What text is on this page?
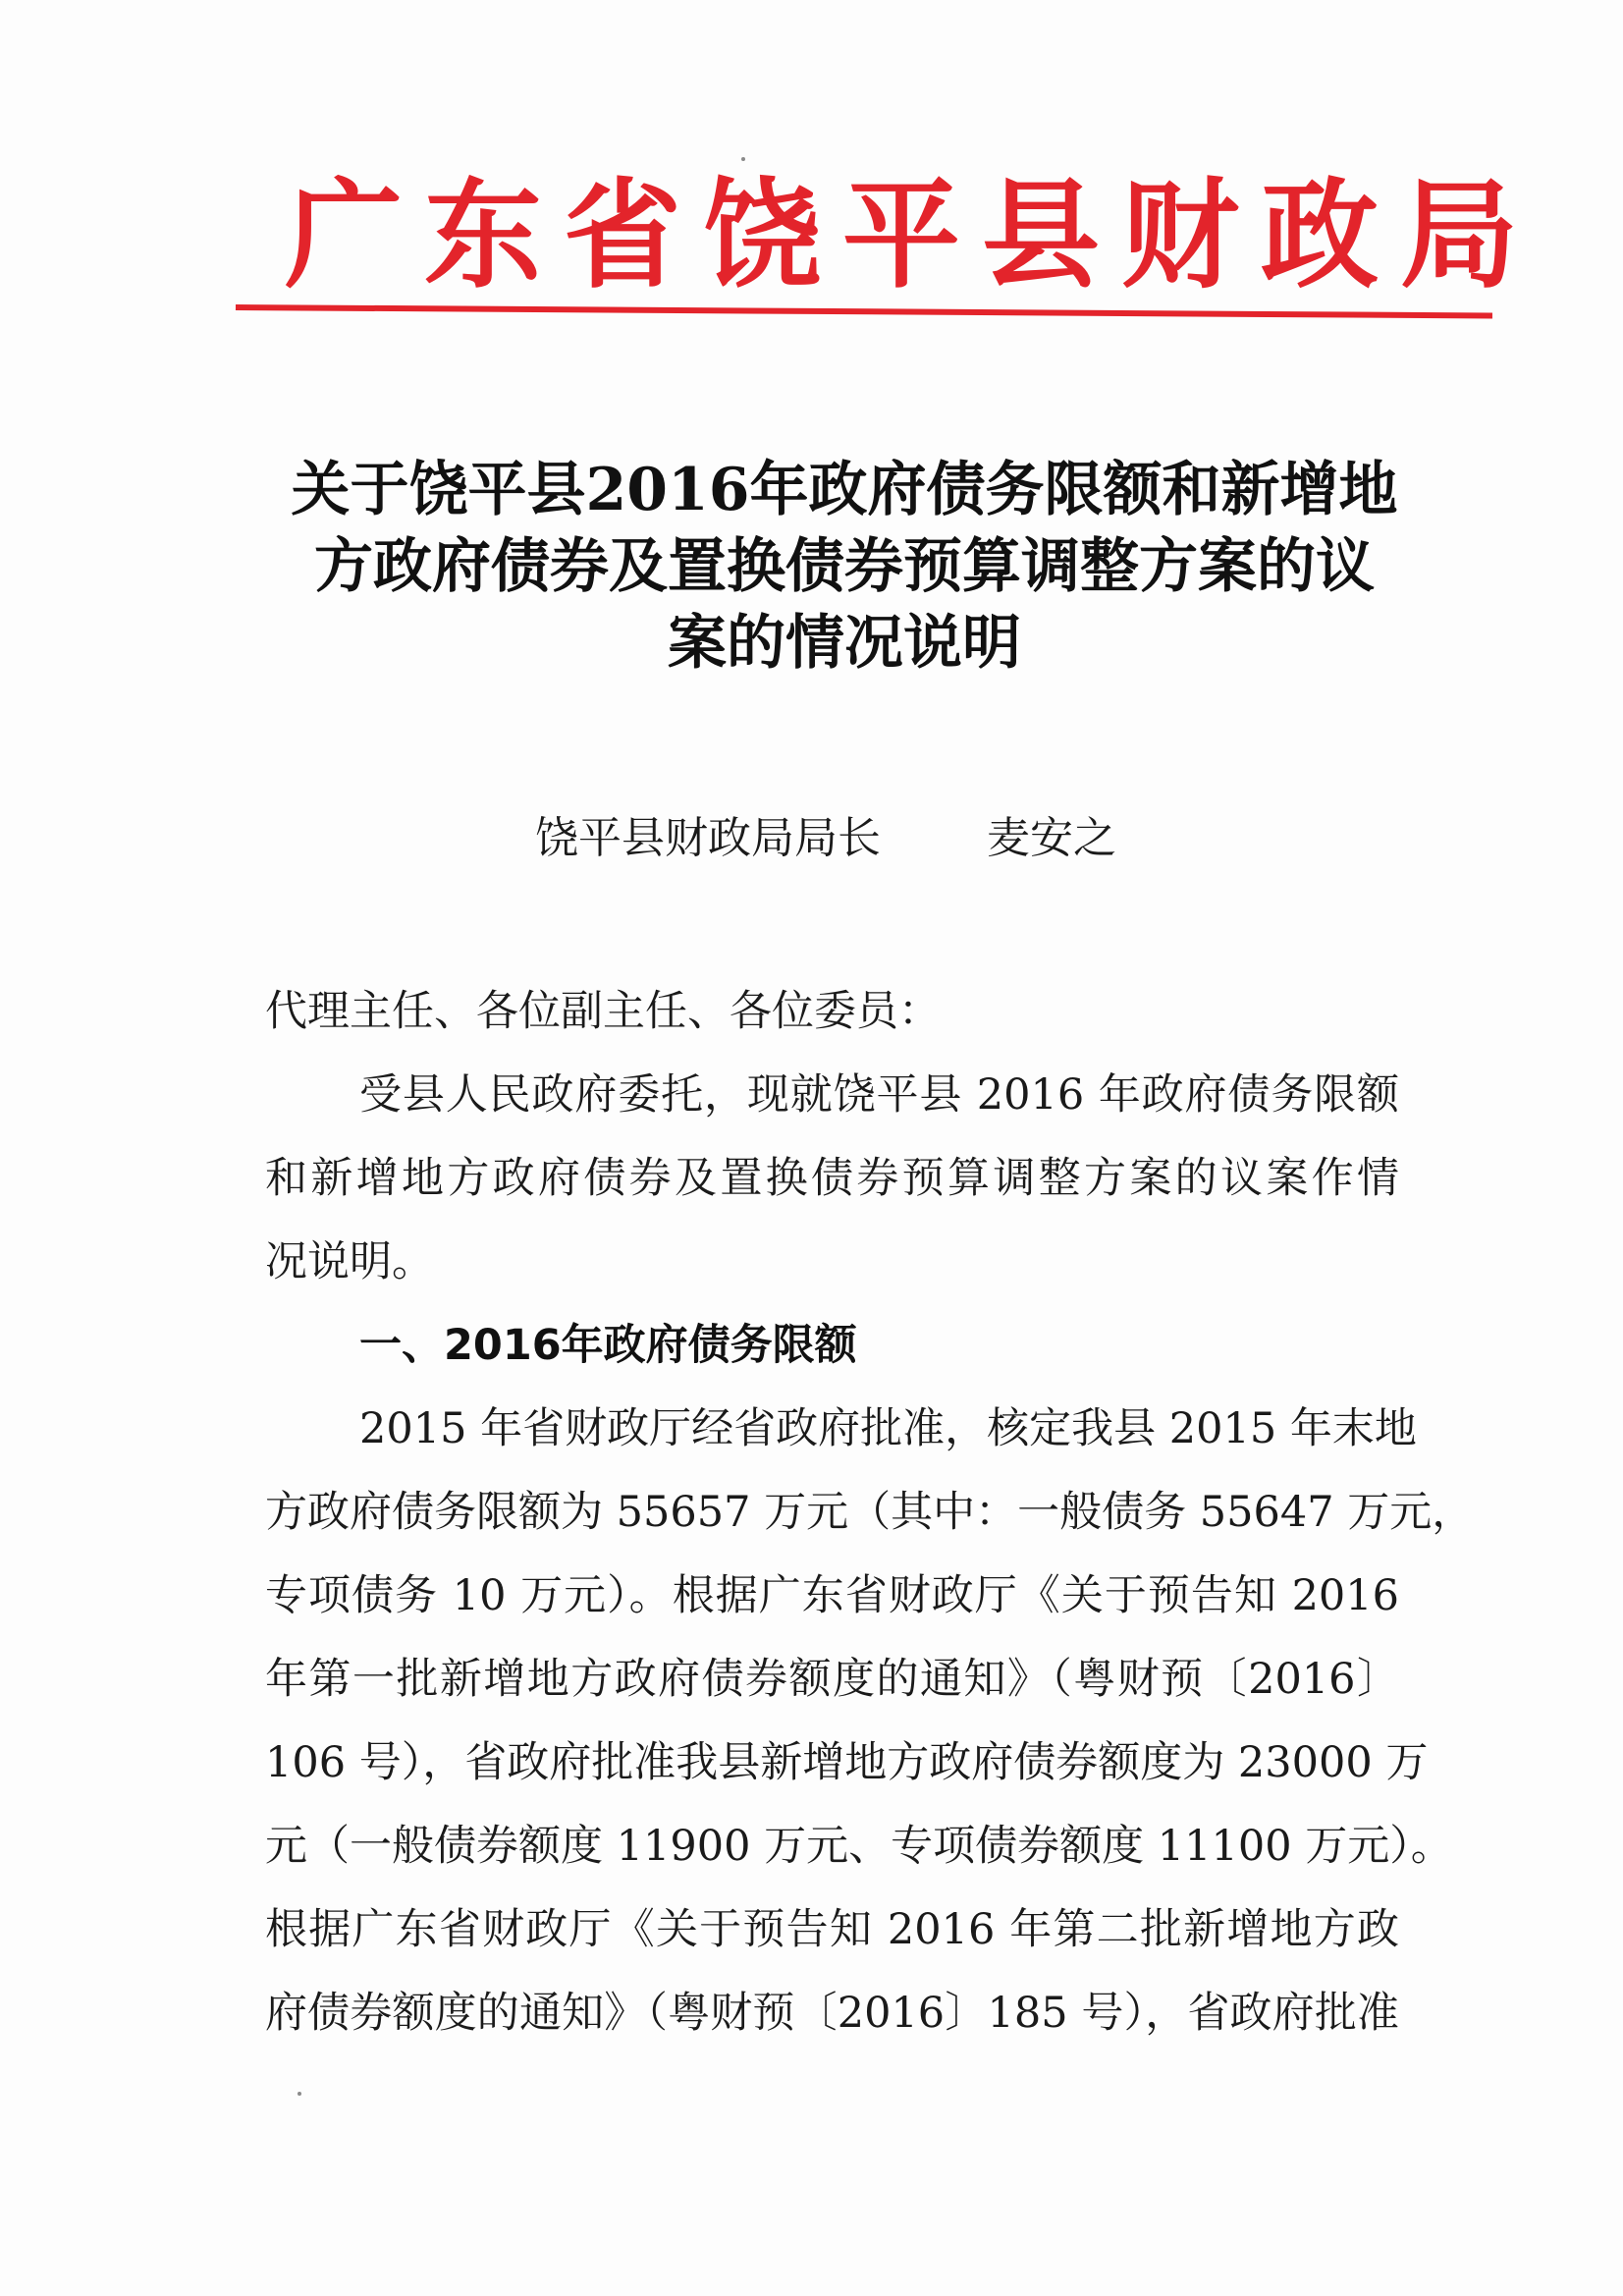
广东省饶平县财政局
关于饶平县2016年政府债务限额和新增地
方政府债券及置换债券预算调整方案的议
案的情况说明
饶平县财政局局长 麦安之
代理主任、各位副主任、各位委员：
受县人民政府委托，现就饶平县 2016 年政府债务限额
和新增地方政府债券及置换债券预算调整方案的议案作情
况说明。
一、2016年政府债务限额
2015 年省财政厅经省政府批准，核定我县 2015 年末地
方政府债务限额为 55657 万元（其中：一般债务 55647 万元，
专项债务 10 万元）。根据广东省财政厅《关于预告知 2016
年第一批新增地方政府债券额度的通知》（粤财预〔2016〕
106 号），省政府批准我县新增地方政府债券额度为 23000 万
元（一般债券额度 11900 万元、专项债券额度 11100 万元）。
根据广东省财政厅《关于预告知 2016 年第二批新增地方政
府债券额度的通知》（粤财预〔2016〕185 号），省政府批准
